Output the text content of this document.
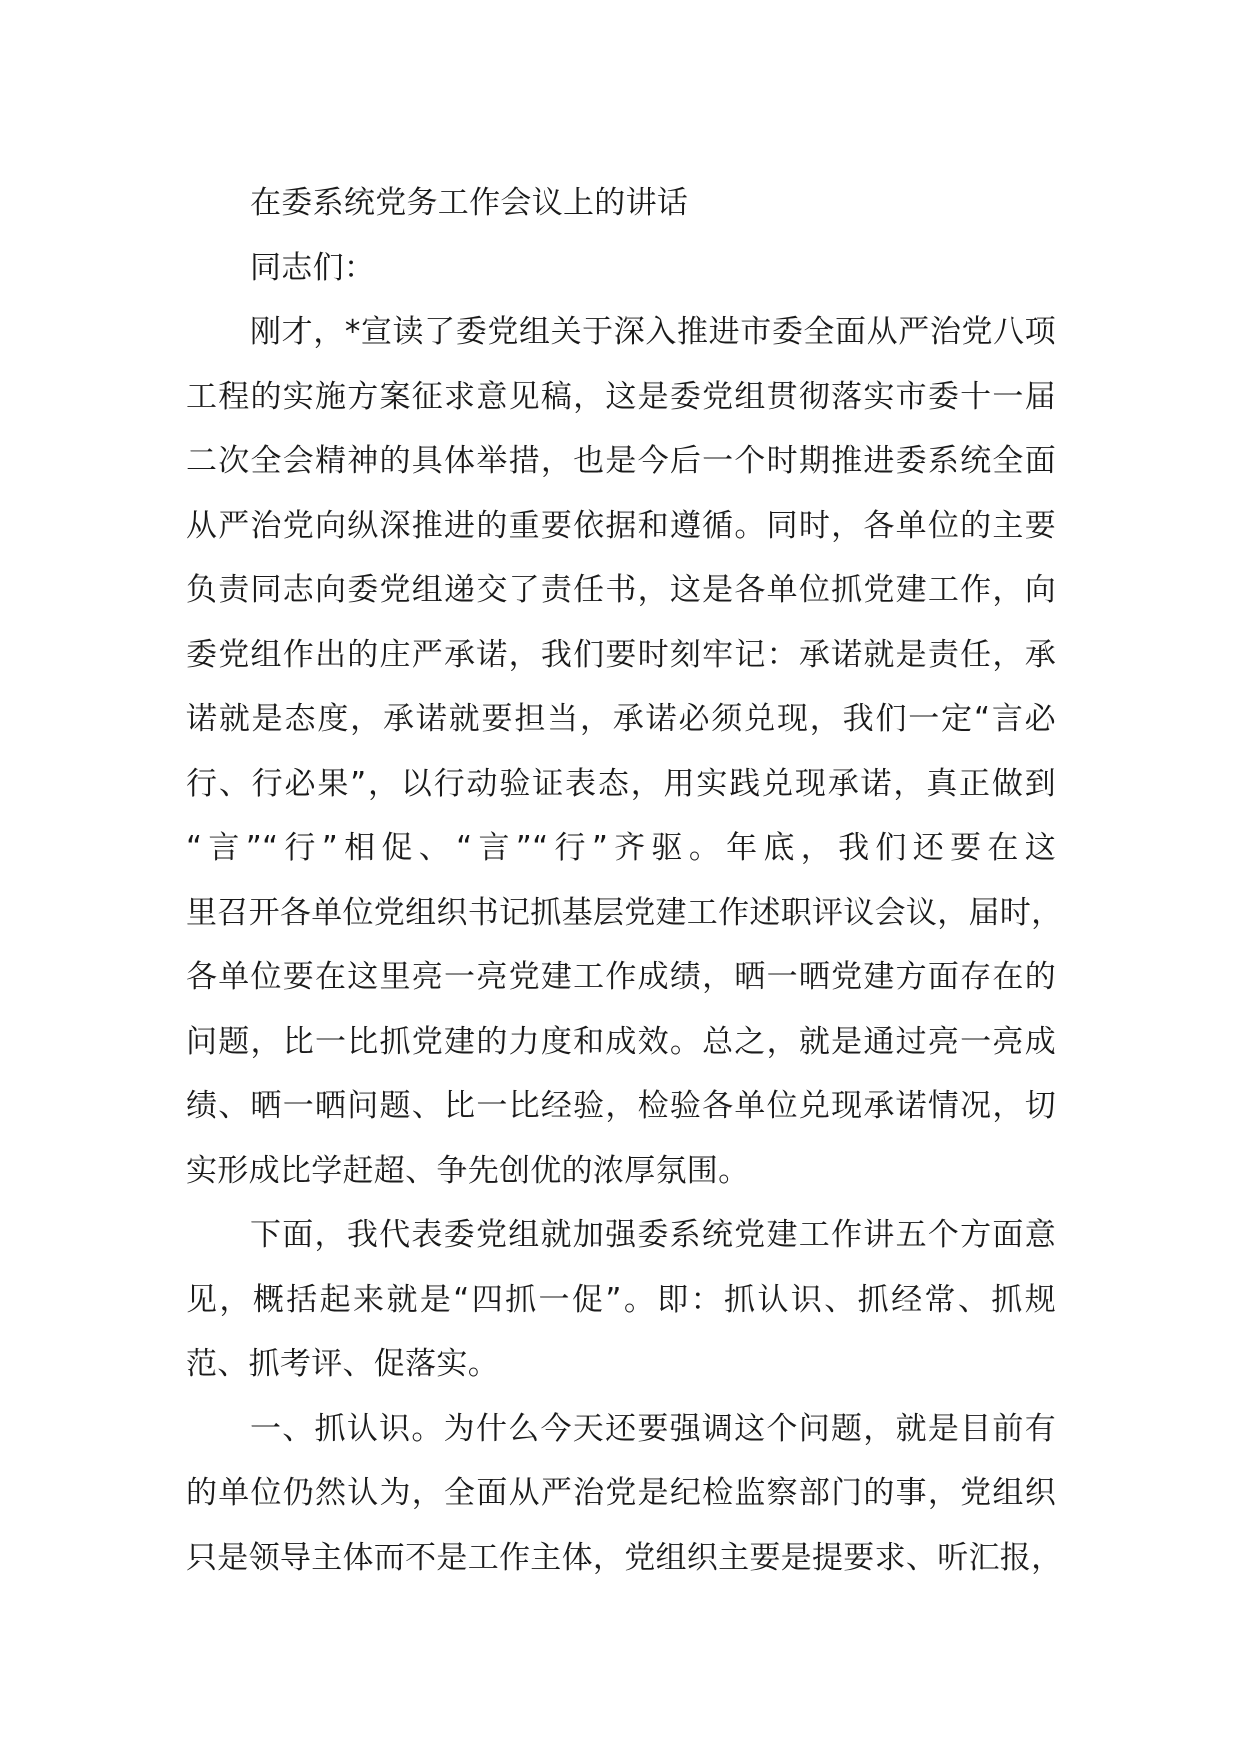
在委系统党务工作会议上的讲话
同志们：
刚才，*宣读了委党组关于深入推进市委全面从严治党八项
工程的实施方案征求意见稿，这是委党组贯彻落实市委十一届
二次全会精神的具体举措，也是今后一个时期推进委系统全面
从严治党向纵深推进的重要依据和遵循。同时，各单位的主要
负责同志向委党组递交了责任书，这是各单位抓党建工作，向
委党组作出的庄严承诺，我们要时刻牢记：承诺就是责任，承
诺就是态度，承诺就要担当，承诺必须兑现，我们一定“言必
行、行必果”，以行动验证表态，用实践兑现承诺，真正做到
“言”“行”相促、“言”“行”齐驱。年底，我们还要在这
里召开各单位党组织书记抓基层党建工作述职评议会议，届时，
各单位要在这里亮一亮党建工作成绩，晒一晒党建方面存在的
问题，比一比抓党建的力度和成效。总之，就是通过亮一亮成
绩、晒一晒问题、比一比经验，检验各单位兑现承诺情况，切
实形成比学赶超、争先创优的浓厚氛围。
下面，我代表委党组就加强委系统党建工作讲五个方面意
见，概括起来就是“四抓一促”。即：抓认识、抓经常、抓规
范、抓考评、促落实。
一、抓认识。为什么今天还要强调这个问题，就是目前有
的单位仍然认为，全面从严治党是纪检监察部门的事，党组织
只是领导主体而不是工作主体，党组织主要是提要求、听汇报，
